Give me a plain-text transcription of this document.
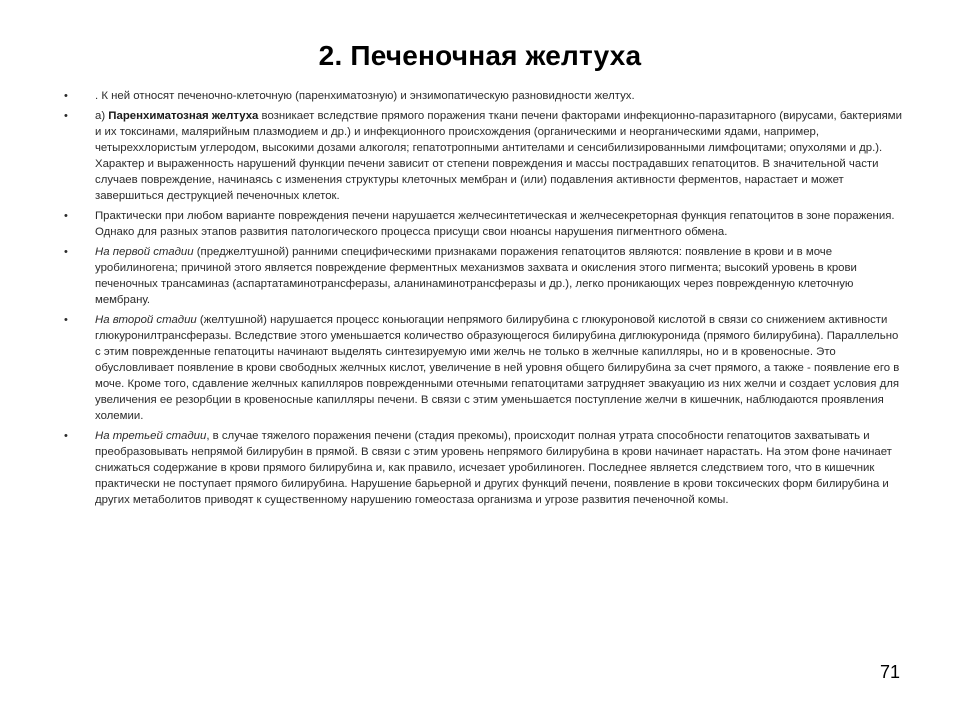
2. Печеночная желтуха
•	. К ней относят печеночно-клеточную (паренхиматозную) и энзимопатическую разновидности желтух.
•	а) Паренхиматозная желтуха возникает вследствие прямого поражения ткани печени факторами инфекционно-паразитарного (вирусами, бактериями и их токсинами, малярийным плазмодием и др.) и инфекционного происхождения (органическими и неорганическими ядами, например, четыреххлористым углеродом, высокими дозами алкоголя; гепатотропными антителами и сенсибилизированными лимфоцитами; опухолями и др.). Характер и выраженность нарушений функции печени зависит от степени повреждения и массы пострадавших гепатоцитов. В значительной части случаев повреждение, начинаясь с изменения структуры клеточных мембран и (или) подавления активности ферментов, нарастает и может завершиться деструкцией печеночных клеток.
•	Практически при любом варианте повреждения печени нарушается желчесинтетическая и желчесекреторная функция гепатоцитов в зоне поражения. Однако для разных этапов развития патологического процесса присущи свои нюансы нарушения пигментного обмена.
•	На первой стадии (преджелтушной) ранними специфическими признаками поражения гепатоцитов являются: появление в крови и в моче уробилиногена; причиной этого является повреждение ферментных механизмов захвата и окисления этого пигмента; высокий уровень в крови печеночных трансаминаз (аспартатаминотрансферазы, аланинаминотрансферазы и др.), легко проникающих через поврежденную клеточную мембрану.
•	На второй стадии (желтушной) нарушается процесс коньюгации непрямого билирубина с глюкуроновой кислотой в связи со снижением активности глюкуронилтрансферазы. Вследствие этого уменьшается количество образующегося билирубина диглюкуронида (прямого билирубина). Параллельно с этим поврежденные гепатоциты начинают выделять синтезируемую ими желчь не только в желчные капилляры, но и в кровеносные. Это обусловливает появление в крови свободных желчных кислот, увеличение в ней уровня общего билирубина за счет прямого, а также - появление его в моче. Кроме того, сдавление желчных капилляров поврежденными отечными гепатоцитами затрудняет эвакуацию из них желчи и создает условия для увеличения ее резорбции в кровеносные капилляры печени. В связи с этим уменьшается поступление желчи в кишечник, наблюдаются проявления холемии.
•	На третьей стадии, в случае тяжелого поражения печени (стадия прекомы), происходит полная утрата способности гепатоцитов захватывать и преобразовывать непрямой билирубин в прямой. В связи с этим уровень непрямого билирубина в крови начинает нарастать. На этом фоне начинает снижаться содержание в крови прямого билирубина и, как правило, исчезает уробилиноген. Последнее является следствием того, что в кишечник практически не поступает прямого билирубина. Нарушение барьерной и других функций печени, появление в крови токсических форм билирубина и других метаболитов приводят к существенному нарушению гомеостаза организма и угрозе развития печеночной комы.
71
